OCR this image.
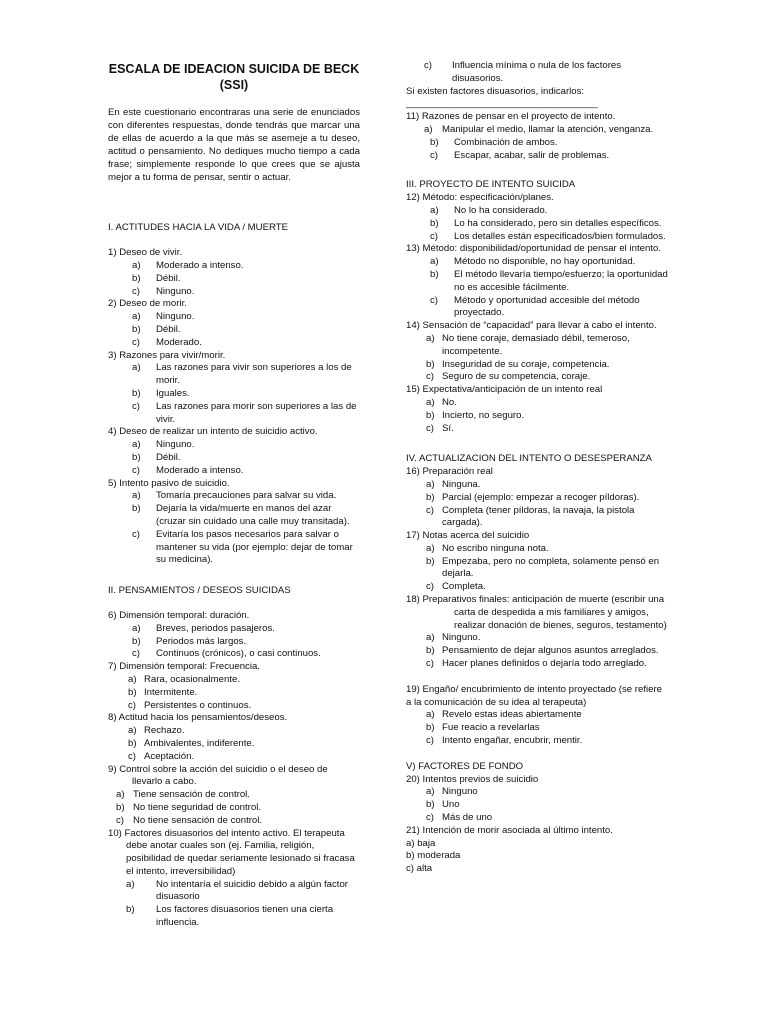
ESCALA DE IDEACION SUICIDA DE BECK
(SSI)
En este cuestionario encontraras una serie de enunciados con diferentes respuestas, donde tendrás que marcar una de ellas de acuerdo a la que más se asemeje a tu deseo, actitud o pensamiento. No dediques mucho tiempo a cada frase; simplemente responde lo que crees que se ajusta mejor a tu forma de pensar, sentir o actuar.
I. ACTITUDES HACIA LA VIDA / MUERTE
1) Deseo de vivir.
a)	Moderado a intenso.
b)	Débil.
c)	Ninguno.
2) Deseo de morir.
a)	Ninguno.
b)	Débil.
c)	Moderado.
3) Razones para vivir/morir.
a)	Las razones para vivir son superiores a los de morir.
b)	Iguales.
c)	Las razones para morir son superiores a las de vivir.
4) Deseo de realizar un intento de suicidio activo.
a)	Ninguno.
b)	Débil.
c)	Moderado a intenso.
5) Intento pasivo de suicidio.
a)	Tomaría precauciones para salvar su vida.
b)	Dejaría la vida/muerte en manos del azar (cruzar sin cuidado una calle muy transitada).
c)	Evitaría los pasos necesarios para salvar o mantener su vida (por ejemplo: dejar de tomar su medicina).
II. PENSAMIENTOS / DESEOS SUICIDAS
6) Dimensión temporal: duración.
a)	Breves, periodos pasajeros.
b)	Periodos más largos.
c)	Continuos (crónicos), o casi continuos.
7) Dimensión temporal: Frecuencia.
a) Rara, ocasionalmente.
b) Intermitente.
c) Persistentes o continuos.
8) Actitud hacia los pensamientos/deseos.
a) Rechazo.
b) Ambivalentes, indiferente.
c) Aceptación.
9) Control sobre la acción del suicidio o el deseo de llevarlo a cabo.
a) Tiene sensación de control.
b) No tiene seguridad de control.
c) No tiene sensación de control.
10) Factores disuasorios del intento activo. El terapeuta debe anotar cuales son (ej. Familia, religión, posibilidad de quedar seriamente lesionado si fracasa el intento, irreversibilidad)
a)	No intentaría el suicidio debido a algún factor disuasorio
b)	Los factores disuasorios tienen una cierta influencia.
c)	Influencia mínima o nula de los factores disuasorios.
Si existen factores disuasorios, indicarlos:
____________________________________________
11) Razones de pensar en el proyecto de intento.
a) Manipular el medio, llamar la atención, venganza.
b)	Combinación de ambos.
c)	Escapar, acabar, salir de problemas.
III. PROYECTO DE INTENTO SUICIDA
12) Método: especificación/planes.
a)	No lo ha considerado.
b)	Lo ha considerado, pero sin detalles específicos.
c)	Los detalles están especificados/bien formulados.
13) Método: disponibilidad/oportunidad de pensar el intento.
a)	Método no disponible, no hay oportunidad.
b)	El método llevaría tiempo/esfuerzo; la oportunidad no es accesible fácilmente.
c)	Método y oportunidad accesible del método proyectado.
14) Sensación de “capacidad” para llevar a cabo el intento.
a) No tiene coraje, demasiado débil, temeroso, incompetente.
b) Inseguridad de su coraje, competencia.
c) Seguro de su competencia, coraje.
15) Expectativa/anticipación de un intento real
a) No.
b) Incierto, no seguro.
c) Sí.
IV. ACTUALIZACION DEL INTENTO O DESESPERANZA
16) Preparación real
a) Ninguna.
b) Parcial (ejemplo: empezar a recoger píldoras).
c) Completa (tener píldoras, la navaja, la pistola cargada).
17) Notas acerca del suicidio
a) No escribo ninguna nota.
b) Empezaba, pero no completa, solamente pensó en dejarla.
c) Completa.
18) Preparativos finales: anticipación de muerte (escribir una carta de despedida a mis familiares y amigos, realizar donación de bienes, seguros, testamento)
a) Ninguno.
b) Pensamiento de dejar algunos asuntos arreglados.
c) Hacer planes definidos o dejaría todo arreglado.
19) Engaño/ encubrimiento de intento proyectado (se refiere a la comunicación de su idea al terapeuta)
a) Revelo estas ideas abiertamente
b) Fue reacio a revelarlas
c) Intento engañar, encubrir, mentir.
V) FACTORES DE FONDO
20) Intentos previos de suicidio
a) Ninguno
b) Uno
c) Más de uno
21) Intención de morir asociada al último intento.
a) baja
b) moderada
c) alta
